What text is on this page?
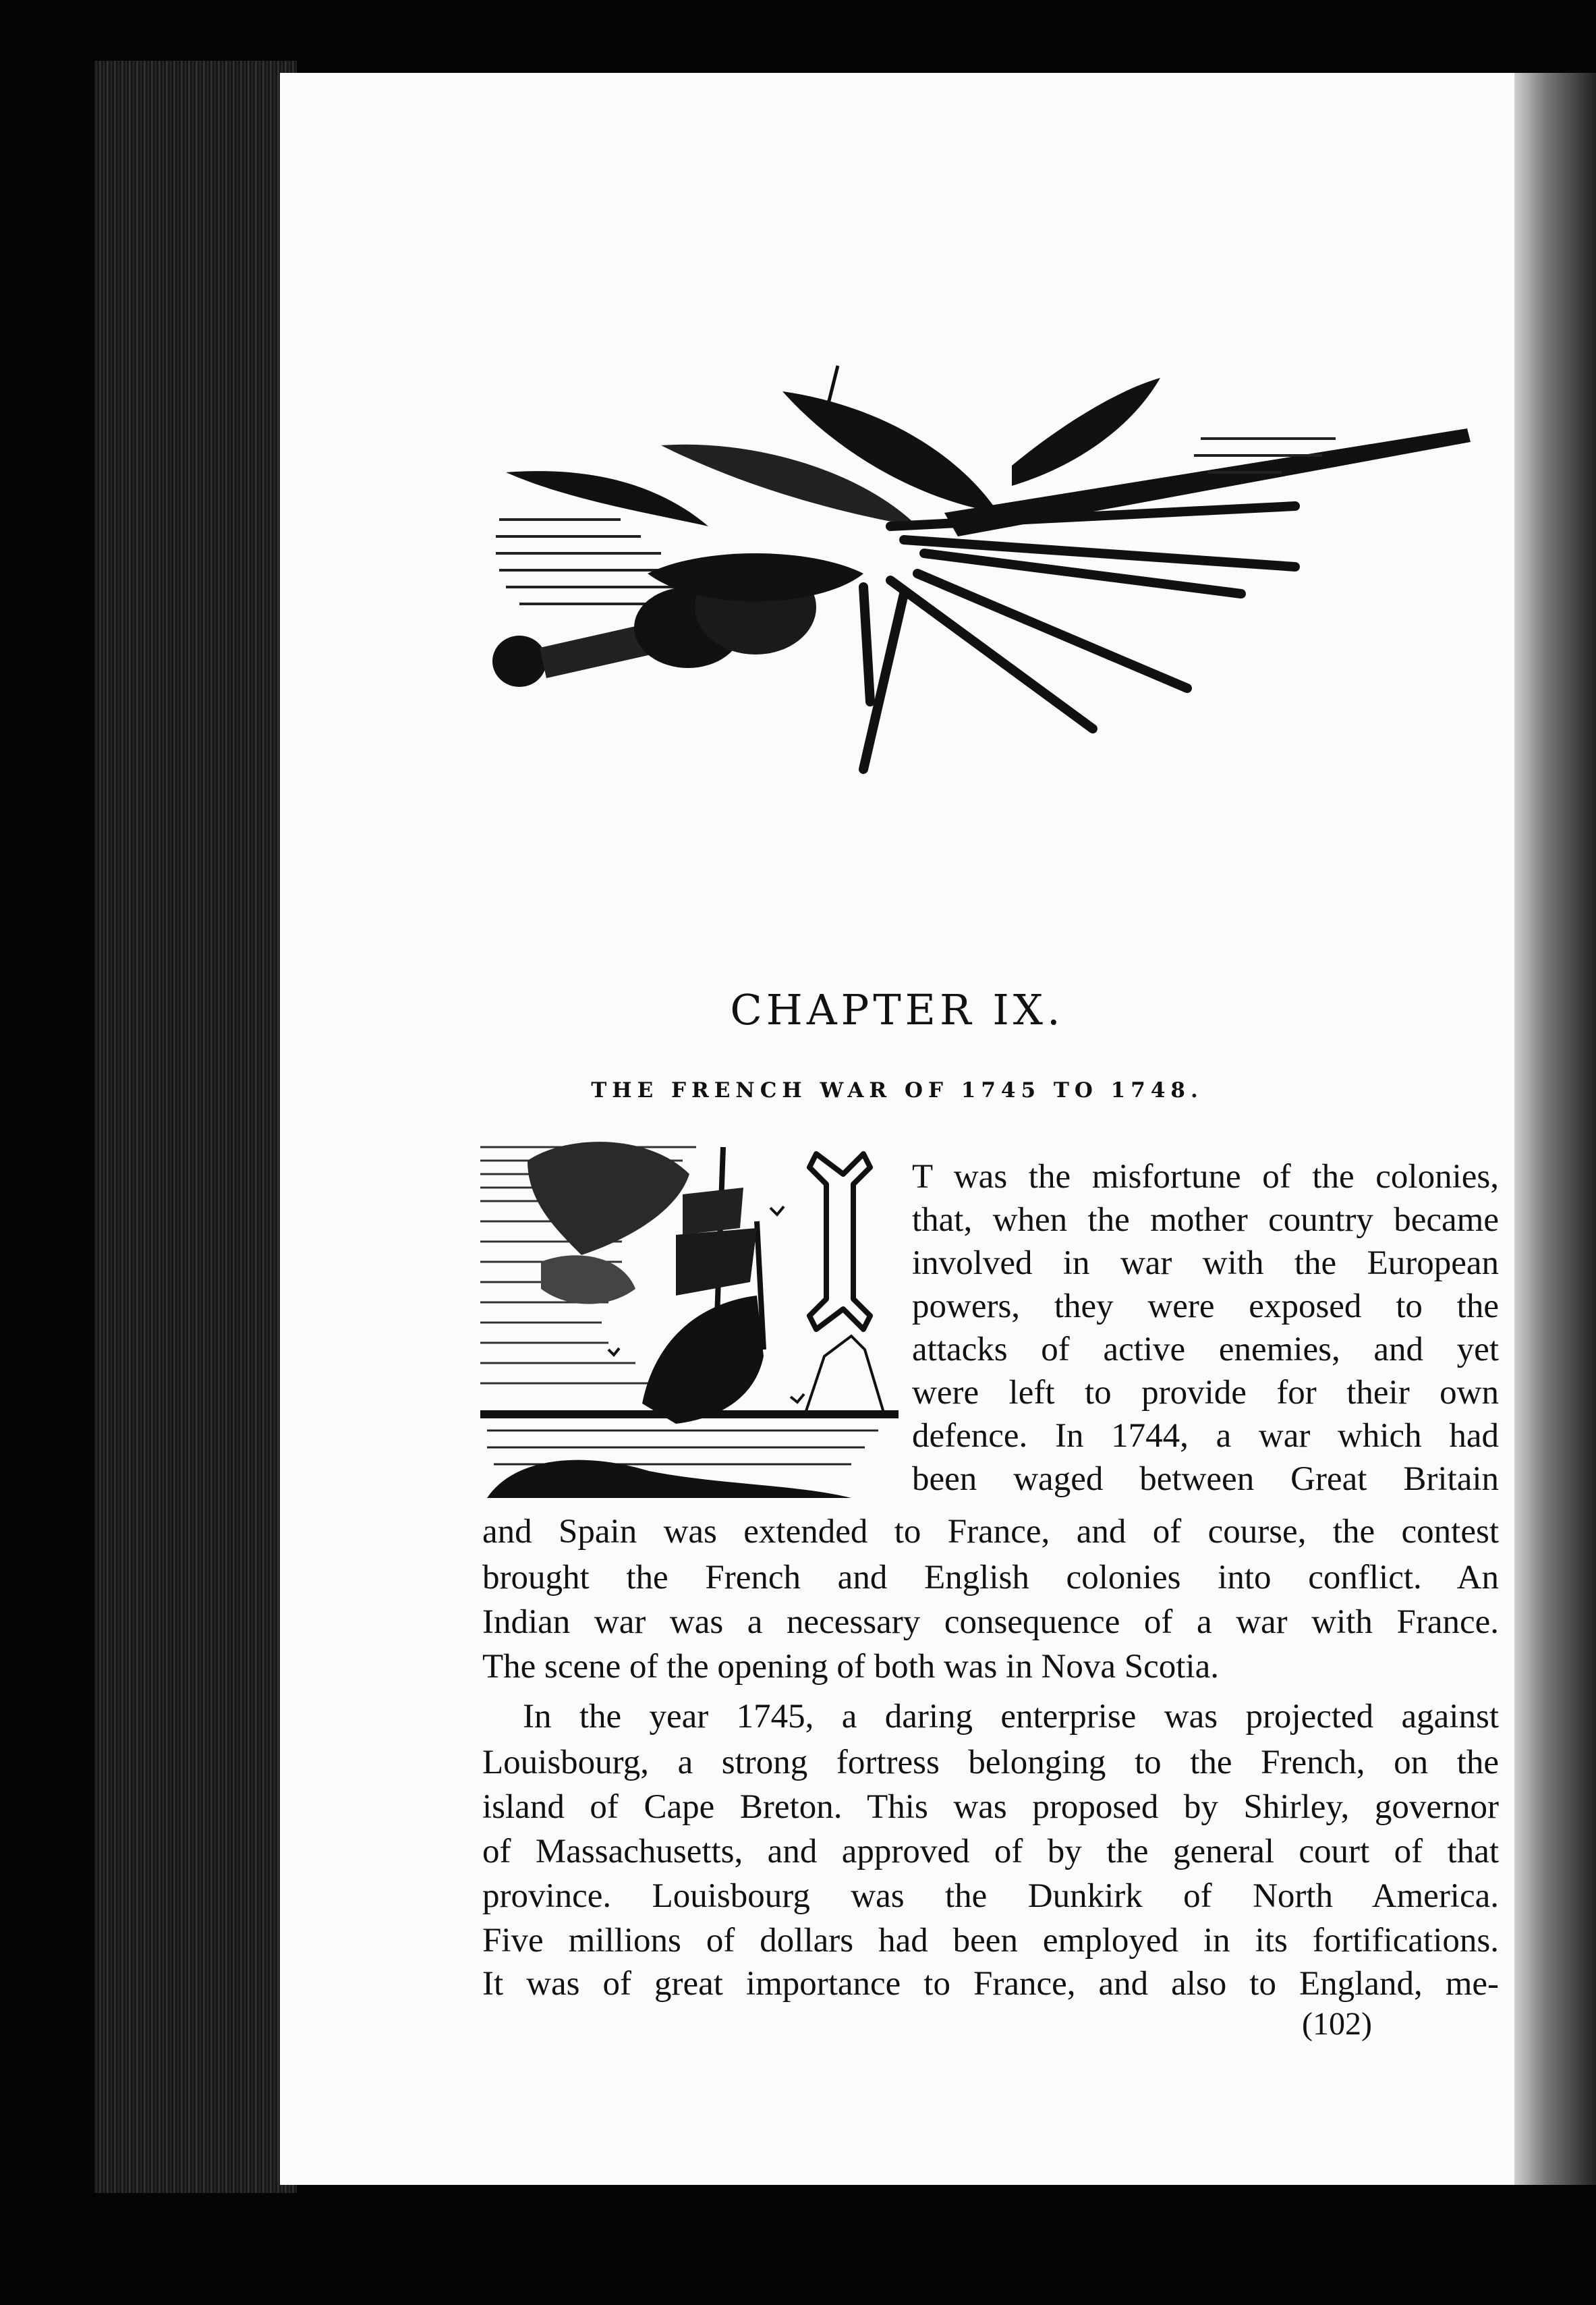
CHAPTER IX.
THE FRENCH WAR OF 1745 TO 1748.
T was the misfortune of the colonies,
that, when the mother country became
involved in war with the European
powers, they were exposed to the
attacks of active enemies, and yet
were left to provide for their own
defence. In 1744, a war which had
been waged between Great Britain
and Spain was extended to France, and of course, the contest
brought the French and English colonies into conflict. An
Indian war was a necessary consequence of a war with France.
The scene of the opening of both was in Nova Scotia.
In the year 1745, a daring enterprise was projected against
Louisbourg, a strong fortress belonging to the French, on the
island of Cape Breton. This was proposed by Shirley, governor
of Massachusetts, and approved of by the general court of that
province. Louisbourg was the Dunkirk of North America.
Five millions of dollars had been employed in its fortifications.
It was of great importance to France, and also to England, me-
(102)
